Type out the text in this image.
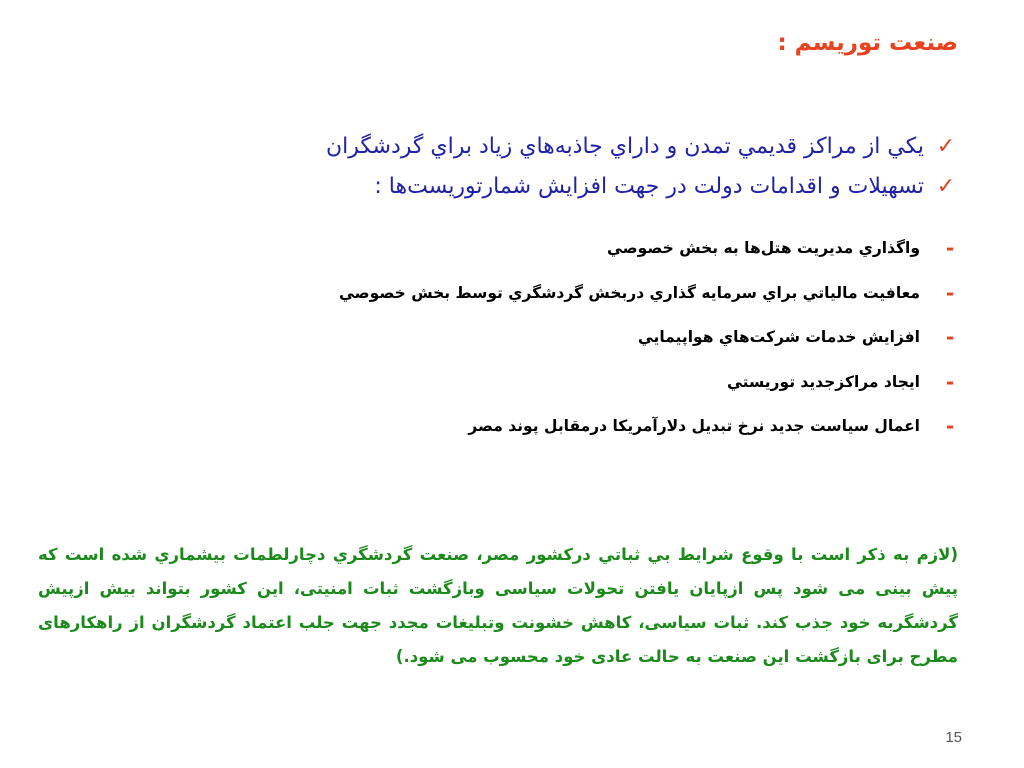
صنعت توريسم :
✓
يکي از مراکز قديمي تمدن و داراي جاذبه‌هاي زياد براي گردشگران
✓
تسهيلات و اقدامات دولت در جهت افزايش شمارتوريست‌ها :
-
واگذاري مديريت هتل‌ها به بخش خصوصي
-
معافيت مالياتي براي سرمايه گذاري دربخش گردشگري توسط بخش خصوصي
-
افزايش خدمات شرکت‌هاي هواپيمايي
-
ايجاد مراکزجديد توريستي
-
اعمال سياست جديد نرخ تبديل دلارآمريکا درمقابل پوند مصر

(لازم به ذکر است با وقوع شرايط بي ثباتي درکشور مصر، صنعت گردشگري دچارلطمات بيشماري شده است که پیش بینی می شود پس ازپایان یافتن تحولات سیاسی وبازگشت ثبات امنیتی، این کشور بتواند بیش ازپیش گردشگربه خود جذب کند. ثبات سیاسی، کاهش خشونت وتبلیغات مجدد جهت جلب اعتماد گردشگران از راهکارهای مطرح برای بازگشت این صنعت به حالت عادی خود محسوب می شود.)

15
